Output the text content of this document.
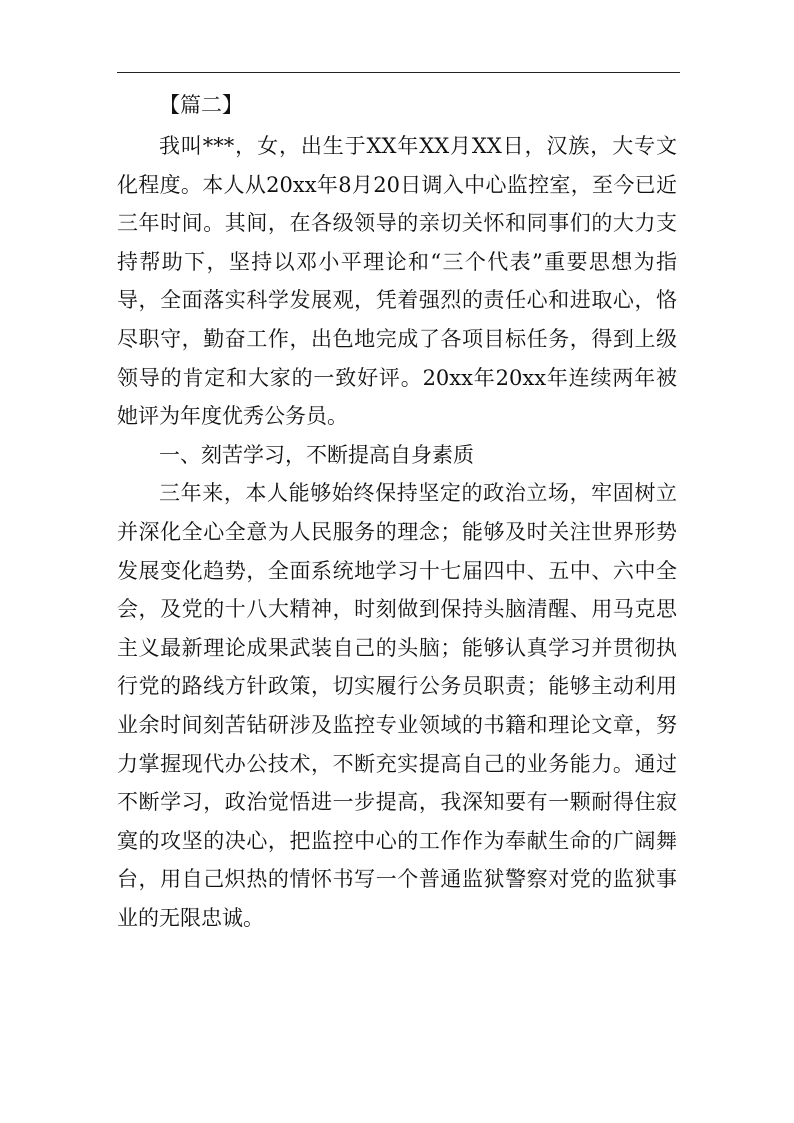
【篇二】

我叫***，女，出生于XX年XX月XX日，汉族，大专文化程度。本人从20xx年8月20日调入中心监控室，至今已近三年时间。其间，在各级领导的亲切关怀和同事们的大力支持帮助下，坚持以邓小平理论和“三个代表”重要思想为指导，全面落实科学发展观，凭着强烈的责任心和进取心，恪尽职守，勤奋工作，出色地完成了各项目标任务，得到上级领导的肯定和大家的一致好评。20xx年20xx年连续两年被她评为年度优秀公务员。

一、刻苦学习，不断提高自身素质

三年来，本人能够始终保持坚定的政治立场，牢固树立并深化全心全意为人民服务的理念；能够及时关注世界形势发展变化趋势，全面系统地学习十七届四中、五中、六中全会，及党的十八大精神，时刻做到保持头脑清醒、用马克思主义最新理论成果武装自己的头脑；能够认真学习并贯彻执行党的路线方针政策，切实履行公务员职责；能够主动利用业余时间刻苦钻研涉及监控专业领域的书籍和理论文章，努力掌握现代办公技术，不断充实提高自己的业务能力。通过不断学习，政治觉悟进一步提高，我深知要有一颗耐得住寂寞的攻坚的决心，把监控中心的工作作为奉献生命的广阔舞台，用自己炽热的情怀书写一个普通监狱警察对党的监狱事业的无限忠诚。
